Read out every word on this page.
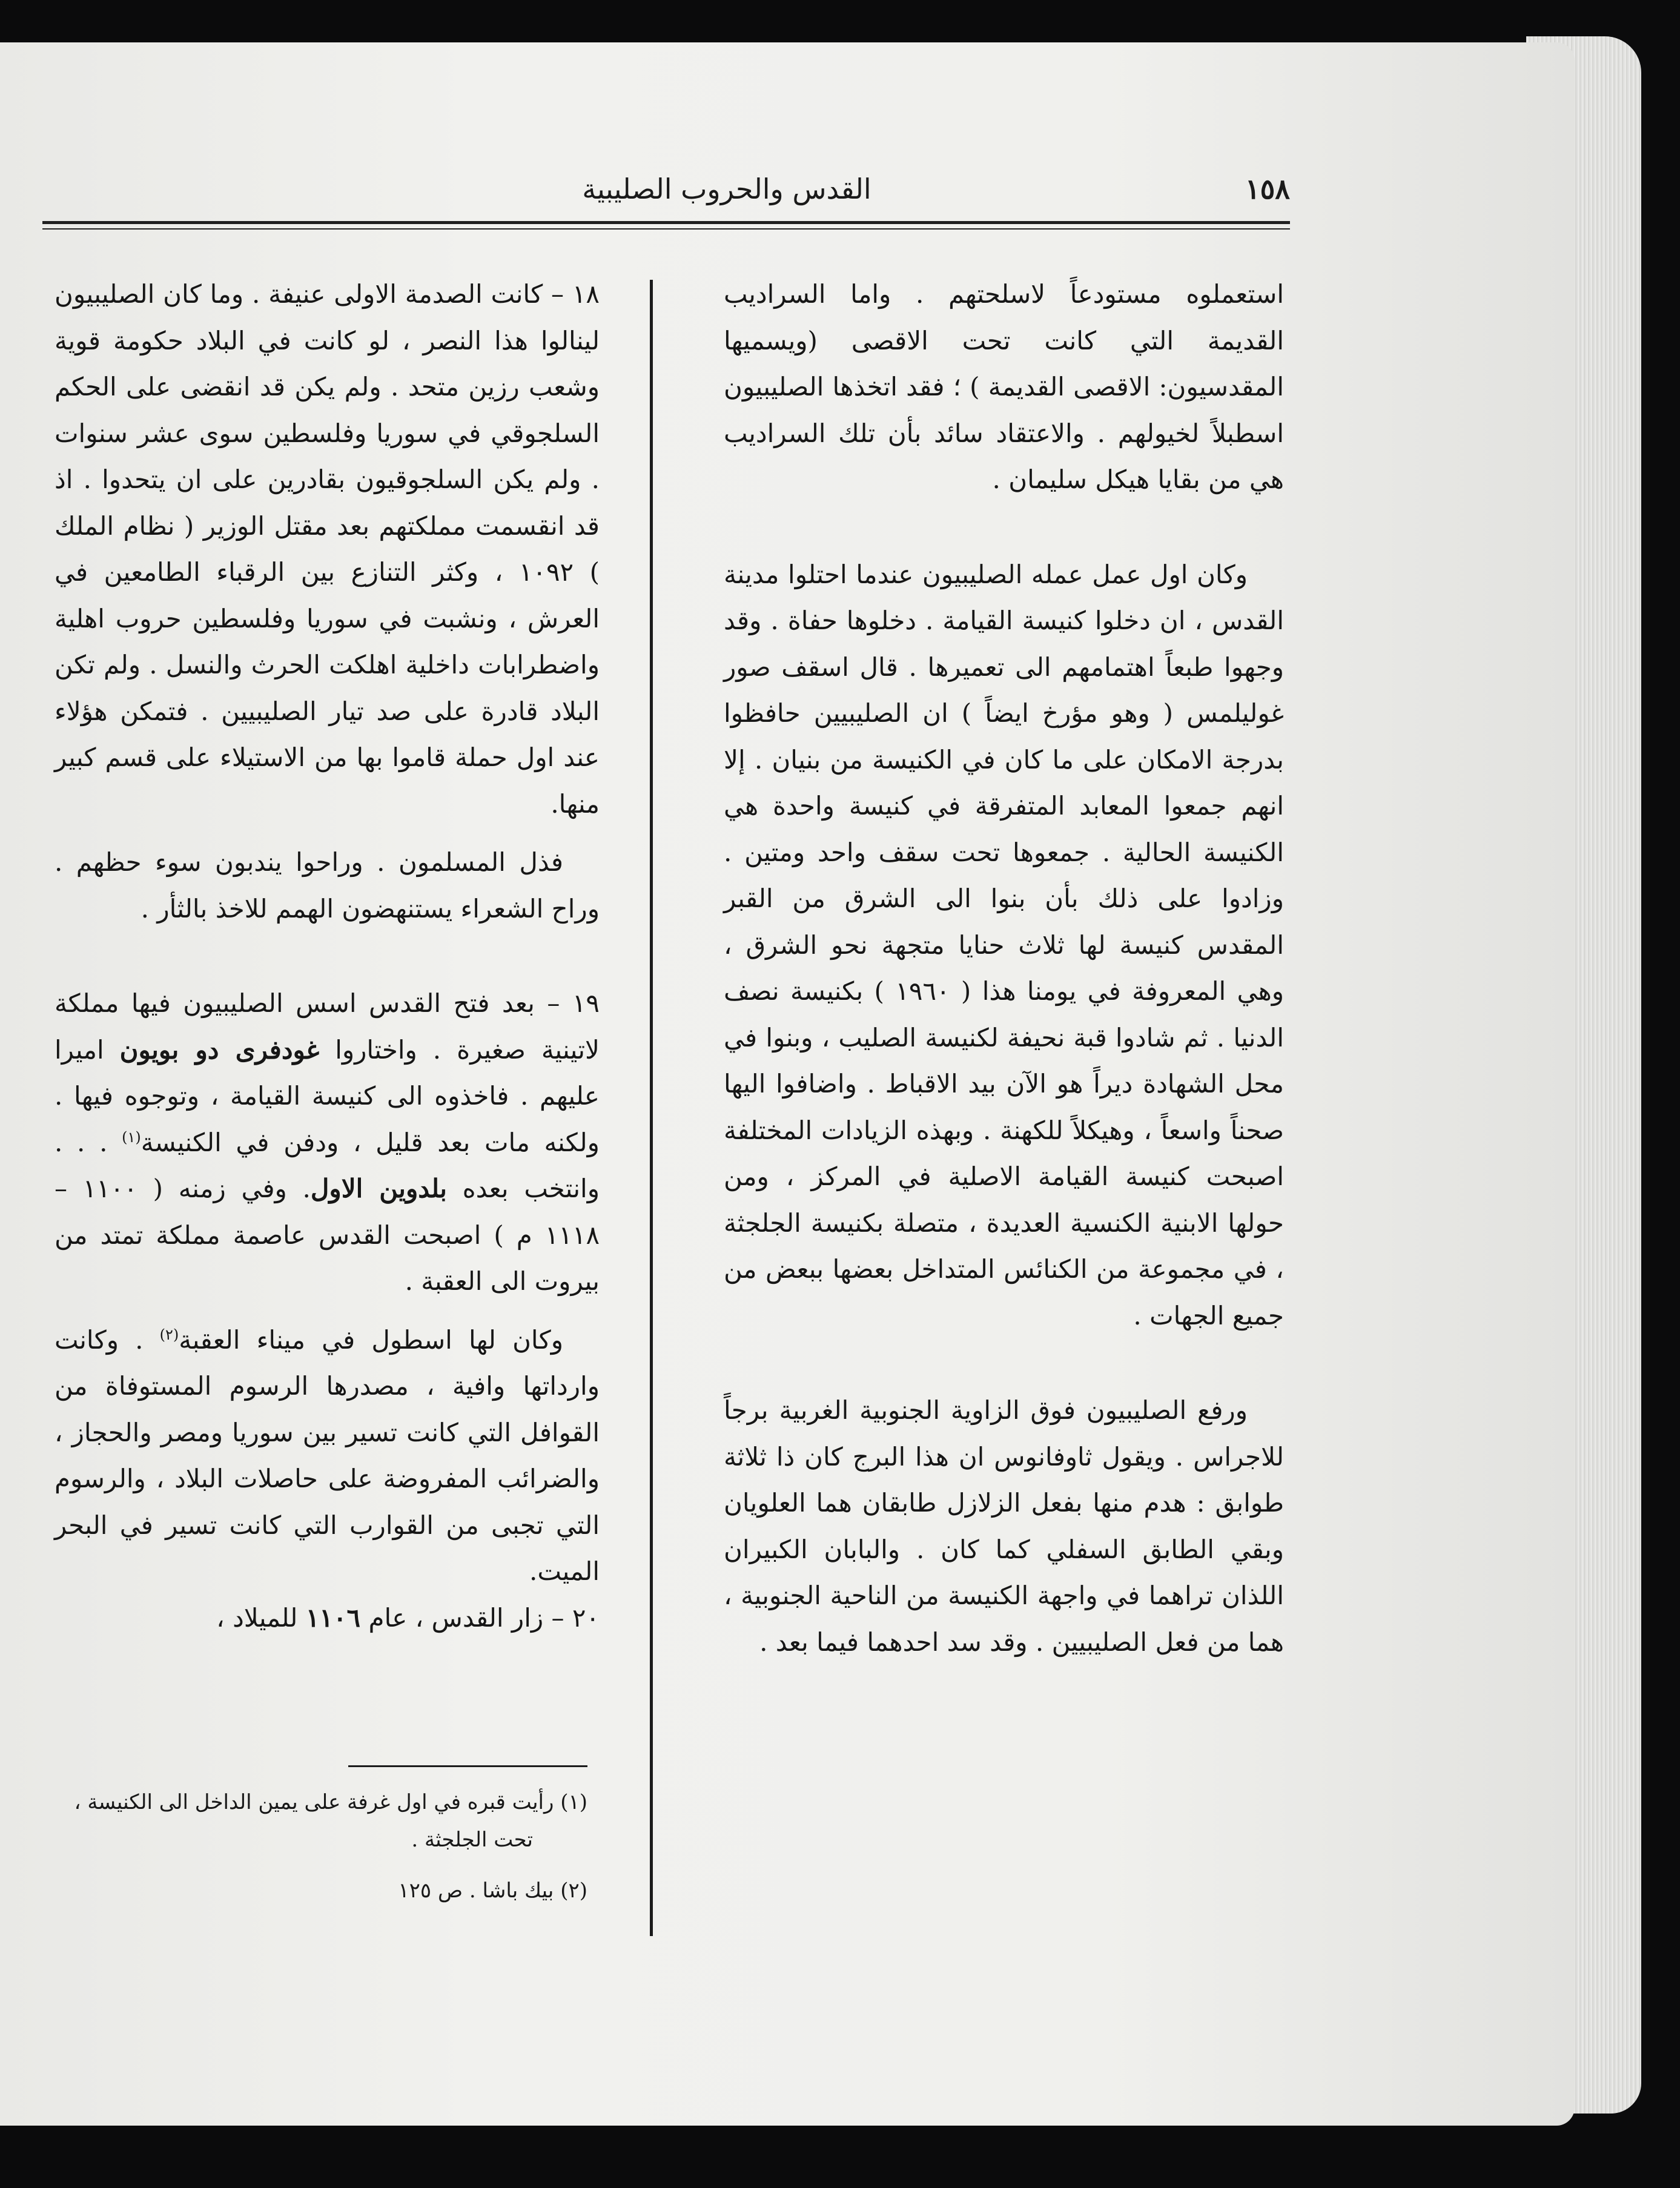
١٥٨
القدس والحروب الصليبية

استعملوه مستودعاً لاسلحتهم . واما السراديب القديمة التي كانت تحت الاقصى (ويسميها المقدسيون: الاقصى القديمة ) ؛ فقد اتخذها الصليبيون اسطبلاً لخيولهم . والاعتقاد سائد بأن تلك السراديب هي من بقايا هيكل سليمان .

وكان اول عمل عمله الصليبيون عندما احتلوا مدينة القدس ، ان دخلوا كنيسة القيامة . دخلوها حفاة . وقد وجهوا طبعاً اهتمامهم الى تعميرها . قال اسقف صور غوليلمس ( وهو مؤرخ ايضاً ) ان الصليبيين حافظوا بدرجة الامكان على ما كان في الكنيسة من بنيان . إلا انهم جمعوا المعابد المتفرقة في كنيسة واحدة هي الكنيسة الحالية . جمعوها تحت سقف واحد ومتين . وزادوا على ذلك بأن بنوا الى الشرق من القبر المقدس كنيسة لها ثلاث حنايا متجهة نحو الشرق ، وهي المعروفة في يومنا هذا ( ١٩٦٠ ) بكنيسة نصف الدنيا . ثم شادوا قبة نحيفة لكنيسة الصليب ، وبنوا في محل الشهادة ديراً هو الآن بيد الاقباط . واضافوا اليها صحناً واسعاً ، وهيكلاً للكهنة . وبهذه الزيادات المختلفة اصبحت كنيسة القيامة الاصلية في المركز ، ومن حولها الابنية الكنسية العديدة ، متصلة بكنيسة الجلجثة ، في مجموعة من الكنائس المتداخل بعضها ببعض من جميع الجهات .

ورفع الصليبيون فوق الزاوية الجنوبية الغربية برجاً للاجراس . ويقول ثاوفانوس ان هذا البرج كان ذا ثلاثة طوابق : هدم منها بفعل الزلازل طابقان هما العلويان وبقي الطابق السفلي كما كان . والبابان الكبيران اللذان تراهما في واجهة الكنيسة من الناحية الجنوبية ، هما من فعل الصليبيين . وقد سد احدهما فيما بعد .

١٨ – كانت الصدمة الاولى عنيفة . وما كان الصليبيون لينالوا هذا النصر ، لو كانت في البلاد حكومة قوية وشعب رزين متحد . ولم يكن قد انقضى على الحكم السلجوقي في سوريا وفلسطين سوى عشر سنوات . ولم يكن السلجوقيون بقادرين على ان يتحدوا . اذ قد انقسمت مملكتهم بعد مقتل الوزير ( نظام الملك ) ١٠٩٢ ، وكثر التنازع بين الرقباء الطامعين في العرش ، ونشبت في سوريا وفلسطين حروب اهلية واضطرابات داخلية اهلكت الحرث والنسل . ولم تكن البلاد قادرة على صد تيار الصليبيين . فتمكن هؤلاء عند اول حملة قاموا بها من الاستيلاء على قسم كبير منها.

فذل المسلمون . وراحوا يندبون سوء حظهم . وراح الشعراء يستنهضون الهمم للاخذ بالثأر .

١٩ – بعد فتح القدس اسس الصليبيون فيها مملكة لاتينية صغيرة . واختاروا غودفرى دو بويون اميرا عليهم . فاخذوه الى كنيسة القيامة ، وتوجوه فيها . ولكنه مات بعد قليل ، ودفن في الكنيسة$^{(١)}$ . . . وانتخب بعده بلدوين الاول. وفي زمنه ( ١١٠٠ – ١١١٨ م ) اصبحت القدس عاصمة مملكة تمتد من بيروت الى العقبة .

وكان لها اسطول في ميناء العقبة$^{(٢)}$ . وكانت وارداتها وافية ، مصدرها الرسوم المستوفاة من القوافل التي كانت تسير بين سوريا ومصر والحجاز ، والضرائب المفروضة على حاصلات البلاد ، والرسوم التي تجبى من القوارب التي كانت تسير في البحر الميت.

٢٠ – زار القدس ، عام ١١٠٦ للميلاد ،

(١) رأيت قبره في اول غرفة على يمين الداخل الى الكنيسة ،

تحت الجلجثة .

(٢) بيك باشا . ص ١٢٥
